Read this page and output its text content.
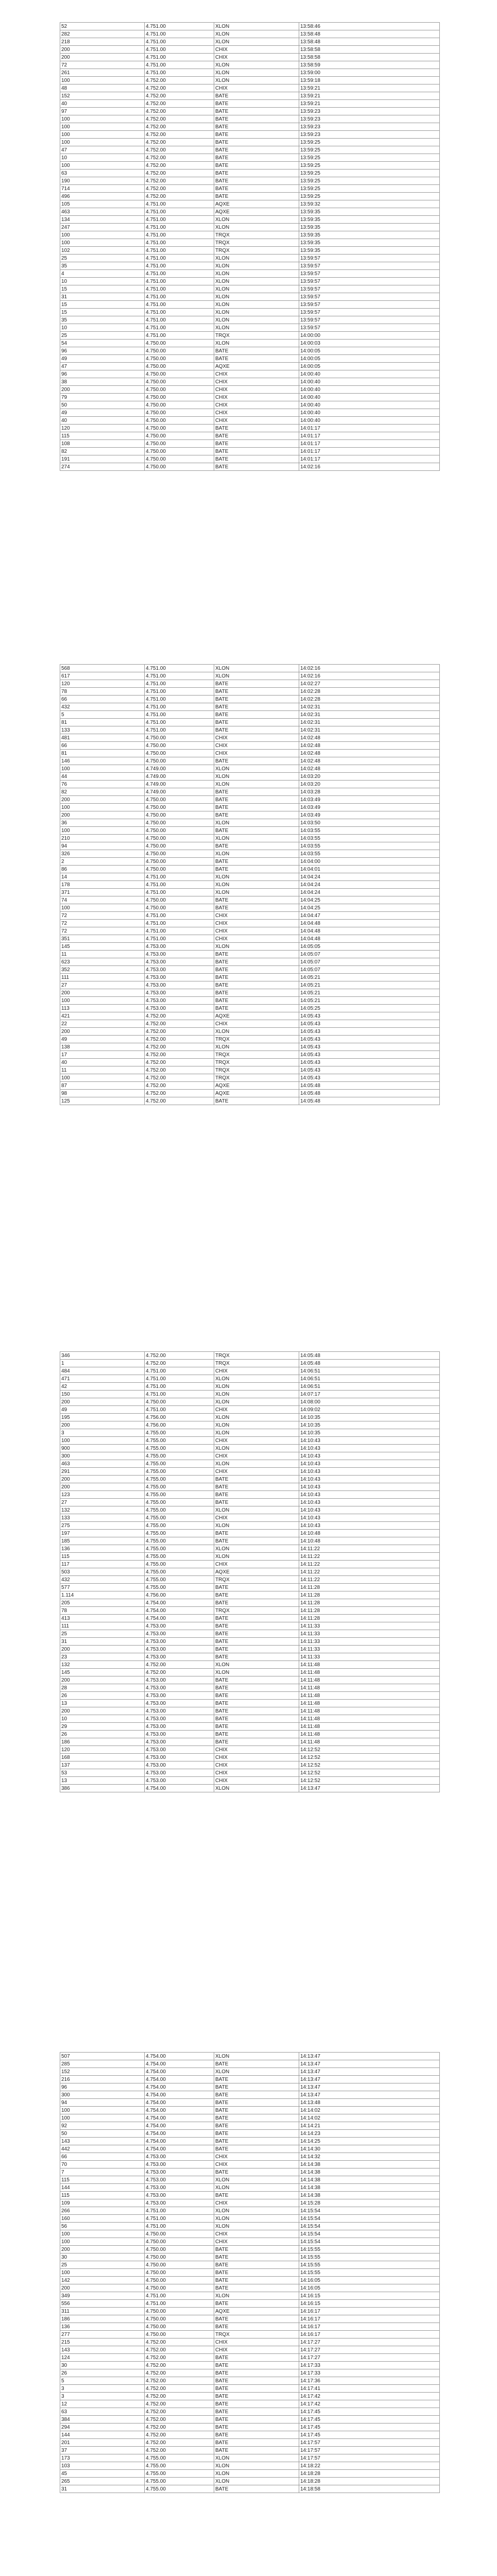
52	4.751.00	XLON	13:58:46
282	4.751.00	XLON	13:58:48
218	4.751.00	XLON	13:58:48
200	4.751.00	CHIX	13:58:58
200	4.751.00	CHIX	13:58:58
72	4.751.00	XLON	13:58:59
261	4.751.00	XLON	13:59:00
100	4.752.00	XLON	13:59:18
48	4.752.00	CHIX	13:59:21
152	4.752.00	BATE	13:59:21
40	4.752.00	BATE	13:59:21
97	4.752.00	BATE	13:59:23
100	4.752.00	BATE	13:59:23
100	4.752.00	BATE	13:59:23
100	4.752.00	BATE	13:59:23
100	4.752.00	BATE	13:59:25
47	4.752.00	BATE	13:59:25
10	4.752.00	BATE	13:59:25
100	4.752.00	BATE	13:59:25
63	4.752.00	BATE	13:59:25
190	4.752.00	BATE	13:59:25
714	4.752.00	BATE	13:59:25
496	4.752.00	BATE	13:59:25
105	4.751.00	AQXE	13:59:32
463	4.751.00	AQXE	13:59:35
134	4.751.00	XLON	13:59:35
247	4.751.00	XLON	13:59:35
100	4.751.00	TRQX	13:59:35
100	4.751.00	TRQX	13:59:35
102	4.751.00	TRQX	13:59:35
25	4.751.00	XLON	13:59:57
35	4.751.00	XLON	13:59:57
4	4.751.00	XLON	13:59:57
10	4.751.00	XLON	13:59:57
15	4.751.00	XLON	13:59:57
31	4.751.00	XLON	13:59:57
15	4.751.00	XLON	13:59:57
15	4.751.00	XLON	13:59:57
35	4.751.00	XLON	13:59:57
10	4.751.00	XLON	13:59:57
25	4.751.00	TRQX	14:00:00
54	4.750.00	XLON	14:00:03
96	4.750.00	BATE	14:00:05
49	4.750.00	BATE	14:00:05
47	4.750.00	AQXE	14:00:05
96	4.750.00	CHIX	14:00:40
38	4.750.00	CHIX	14:00:40
200	4.750.00	CHIX	14:00:40
79	4.750.00	CHIX	14:00:40
50	4.750.00	CHIX	14:00:40
49	4.750.00	CHIX	14:00:40
40	4.750.00	CHIX	14:00:40
120	4.750.00	BATE	14:01:17
115	4.750.00	BATE	14:01:17
108	4.750.00	BATE	14:01:17
82	4.750.00	BATE	14:01:17
191	4.750.00	BATE	14:01:17
274	4.750.00	BATE	14:02:16
568	4.751.00	XLON	14:02:16
617	4.751.00	XLON	14:02:16
120	4.751.00	BATE	14:02:27
78	4.751.00	BATE	14:02:28
66	4.751.00	BATE	14:02:28
432	4.751.00	BATE	14:02:31
5	4.751.00	BATE	14:02:31
81	4.751.00	BATE	14:02:31
133	4.751.00	BATE	14:02:31
481	4.750.00	CHIX	14:02:48
66	4.750.00	CHIX	14:02:48
81	4.750.00	CHIX	14:02:48
146	4.750.00	BATE	14:02:48
100	4.749.00	XLON	14:02:48
44	4.749.00	XLON	14:03:20
76	4.749.00	XLON	14:03:20
82	4.749.00	BATE	14:03:28
200	4.750.00	BATE	14:03:49
100	4.750.00	BATE	14:03:49
200	4.750.00	BATE	14:03:49
36	4.750.00	XLON	14:03:50
100	4.750.00	BATE	14:03:55
210	4.750.00	XLON	14:03:55
94	4.750.00	BATE	14:03:55
326	4.750.00	XLON	14:03:55
2	4.750.00	BATE	14:04:00
86	4.750.00	BATE	14:04:01
14	4.751.00	XLON	14:04:24
178	4.751.00	XLON	14:04:24
371	4.751.00	XLON	14:04:24
74	4.750.00	BATE	14:04:25
100	4.750.00	BATE	14:04:25
72	4.751.00	CHIX	14:04:47
72	4.751.00	CHIX	14:04:48
72	4.751.00	CHIX	14:04:48
351	4.751.00	CHIX	14:04:48
145	4.753.00	XLON	14:05:05
11	4.753.00	BATE	14:05:07
623	4.753.00	BATE	14:05:07
352	4.753.00	BATE	14:05:07
111	4.753.00	BATE	14:05:21
27	4.753.00	BATE	14:05:21
200	4.753.00	BATE	14:05:21
100	4.753.00	BATE	14:05:21
113	4.753.00	BATE	14:05:25
421	4.752.00	AQXE	14:05:43
22	4.752.00	CHIX	14:05:43
200	4.752.00	XLON	14:05:43
49	4.752.00	TRQX	14:05:43
138	4.752.00	XLON	14:05:43
17	4.752.00	TRQX	14:05:43
40	4.752.00	TRQX	14:05:43
11	4.752.00	TRQX	14:05:43
100	4.752.00	TRQX	14:05:43
87	4.752.00	AQXE	14:05:48
98	4.752.00	AQXE	14:05:48
125	4.752.00	BATE	14:05:48
346	4.752.00	TRQX	14:05:48
1	4.752.00	TRQX	14:05:48
484	4.751.00	CHIX	14:06:51
471	4.751.00	XLON	14:06:51
42	4.751.00	XLON	14:06:51
150	4.751.00	XLON	14:07:17
200	4.750.00	XLON	14:08:00
49	4.751.00	CHIX	14:09:02
195	4.756.00	XLON	14:10:35
200	4.756.00	XLON	14:10:35
3	4.755.00	XLON	14:10:35
100	4.755.00	CHIX	14:10:43
900	4.755.00	XLON	14:10:43
300	4.755.00	CHIX	14:10:43
463	4.755.00	XLON	14:10:43
291	4.755.00	CHIX	14:10:43
200	4.755.00	BATE	14:10:43
200	4.755.00	BATE	14:10:43
123	4.755.00	BATE	14:10:43
27	4.755.00	BATE	14:10:43
132	4.755.00	XLON	14:10:43
133	4.755.00	CHIX	14:10:43
275	4.755.00	XLON	14:10:43
197	4.755.00	BATE	14:10:48
185	4.755.00	BATE	14:10:48
136	4.755.00	XLON	14:11:22
115	4.755.00	XLON	14:11:22
117	4.755.00	CHIX	14:11:22
503	4.755.00	AQXE	14:11:22
432	4.755.00	TRQX	14:11:22
577	4.755.00	BATE	14:11:28
1.114	4.756.00	BATE	14:11:28
205	4.754.00	BATE	14:11:28
78	4.754.00	TRQX	14:11:28
413	4.754.00	BATE	14:11:28
111	4.753.00	BATE	14:11:33
25	4.753.00	BATE	14:11:33
31	4.753.00	BATE	14:11:33
200	4.753.00	BATE	14:11:33
23	4.753.00	BATE	14:11:33
132	4.752.00	XLON	14:11:48
145	4.752.00	XLON	14:11:48
200	4.753.00	BATE	14:11:48
28	4.753.00	BATE	14:11:48
26	4.753.00	BATE	14:11:48
13	4.753.00	BATE	14:11:48
200	4.753.00	BATE	14:11:48
10	4.753.00	BATE	14:11:48
29	4.753.00	BATE	14:11:48
26	4.753.00	BATE	14:11:48
186	4.753.00	BATE	14:11:48
120	4.753.00	CHIX	14:12:52
168	4.753.00	CHIX	14:12:52
137	4.753.00	CHIX	14:12:52
53	4.753.00	CHIX	14:12:52
13	4.753.00	CHIX	14:12:52
386	4.754.00	XLON	14:13:47
507	4.754.00	XLON	14:13:47
285	4.754.00	BATE	14:13:47
152	4.754.00	XLON	14:13:47
216	4.754.00	BATE	14:13:47
96	4.754.00	BATE	14:13:47
300	4.754.00	BATE	14:13:47
94	4.754.00	BATE	14:13:48
100	4.754.00	BATE	14:14:02
100	4.754.00	BATE	14:14:02
92	4.754.00	BATE	14:14:21
50	4.754.00	BATE	14:14:23
143	4.754.00	BATE	14:14:25
442	4.754.00	BATE	14:14:30
66	4.753.00	CHIX	14:14:32
70	4.753.00	CHIX	14:14:38
7	4.753.00	BATE	14:14:38
115	4.753.00	XLON	14:14:38
144	4.753.00	XLON	14:14:38
115	4.753.00	BATE	14:14:38
109	4.753.00	CHIX	14:15:28
266	4.751.00	XLON	14:15:54
160	4.751.00	XLON	14:15:54
56	4.751.00	XLON	14:15:54
100	4.750.00	CHIX	14:15:54
100	4.750.00	CHIX	14:15:54
200	4.750.00	BATE	14:15:55
30	4.750.00	BATE	14:15:55
25	4.750.00	BATE	14:15:55
100	4.750.00	BATE	14:15:55
142	4.750.00	BATE	14:16:05
200	4.750.00	BATE	14:16:05
349	4.751.00	XLON	14:16:15
556	4.751.00	BATE	14:16:15
311	4.750.00	AQXE	14:16:17
186	4.750.00	BATE	14:16:17
136	4.750.00	BATE	14:16:17
277	4.750.00	TRQX	14:16:17
215	4.752.00	CHIX	14:17:27
143	4.752.00	CHIX	14:17:27
124	4.752.00	BATE	14:17:27
30	4.752.00	BATE	14:17:33
26	4.752.00	BATE	14:17:33
5	4.752.00	BATE	14:17:36
3	4.752.00	BATE	14:17:41
3	4.752.00	BATE	14:17:42
12	4.752.00	BATE	14:17:42
63	4.752.00	BATE	14:17:45
384	4.752.00	BATE	14:17:45
294	4.752.00	BATE	14:17:45
144	4.752.00	BATE	14:17:45
201	4.752.00	BATE	14:17:57
37	4.752.00	BATE	14:17:57
173	4.755.00	XLON	14:17:57
103	4.755.00	XLON	14:18:22
45	4.755.00	XLON	14:18:28
265	4.755.00	XLON	14:18:28
31	4.755.00	BATE	14:18:58
